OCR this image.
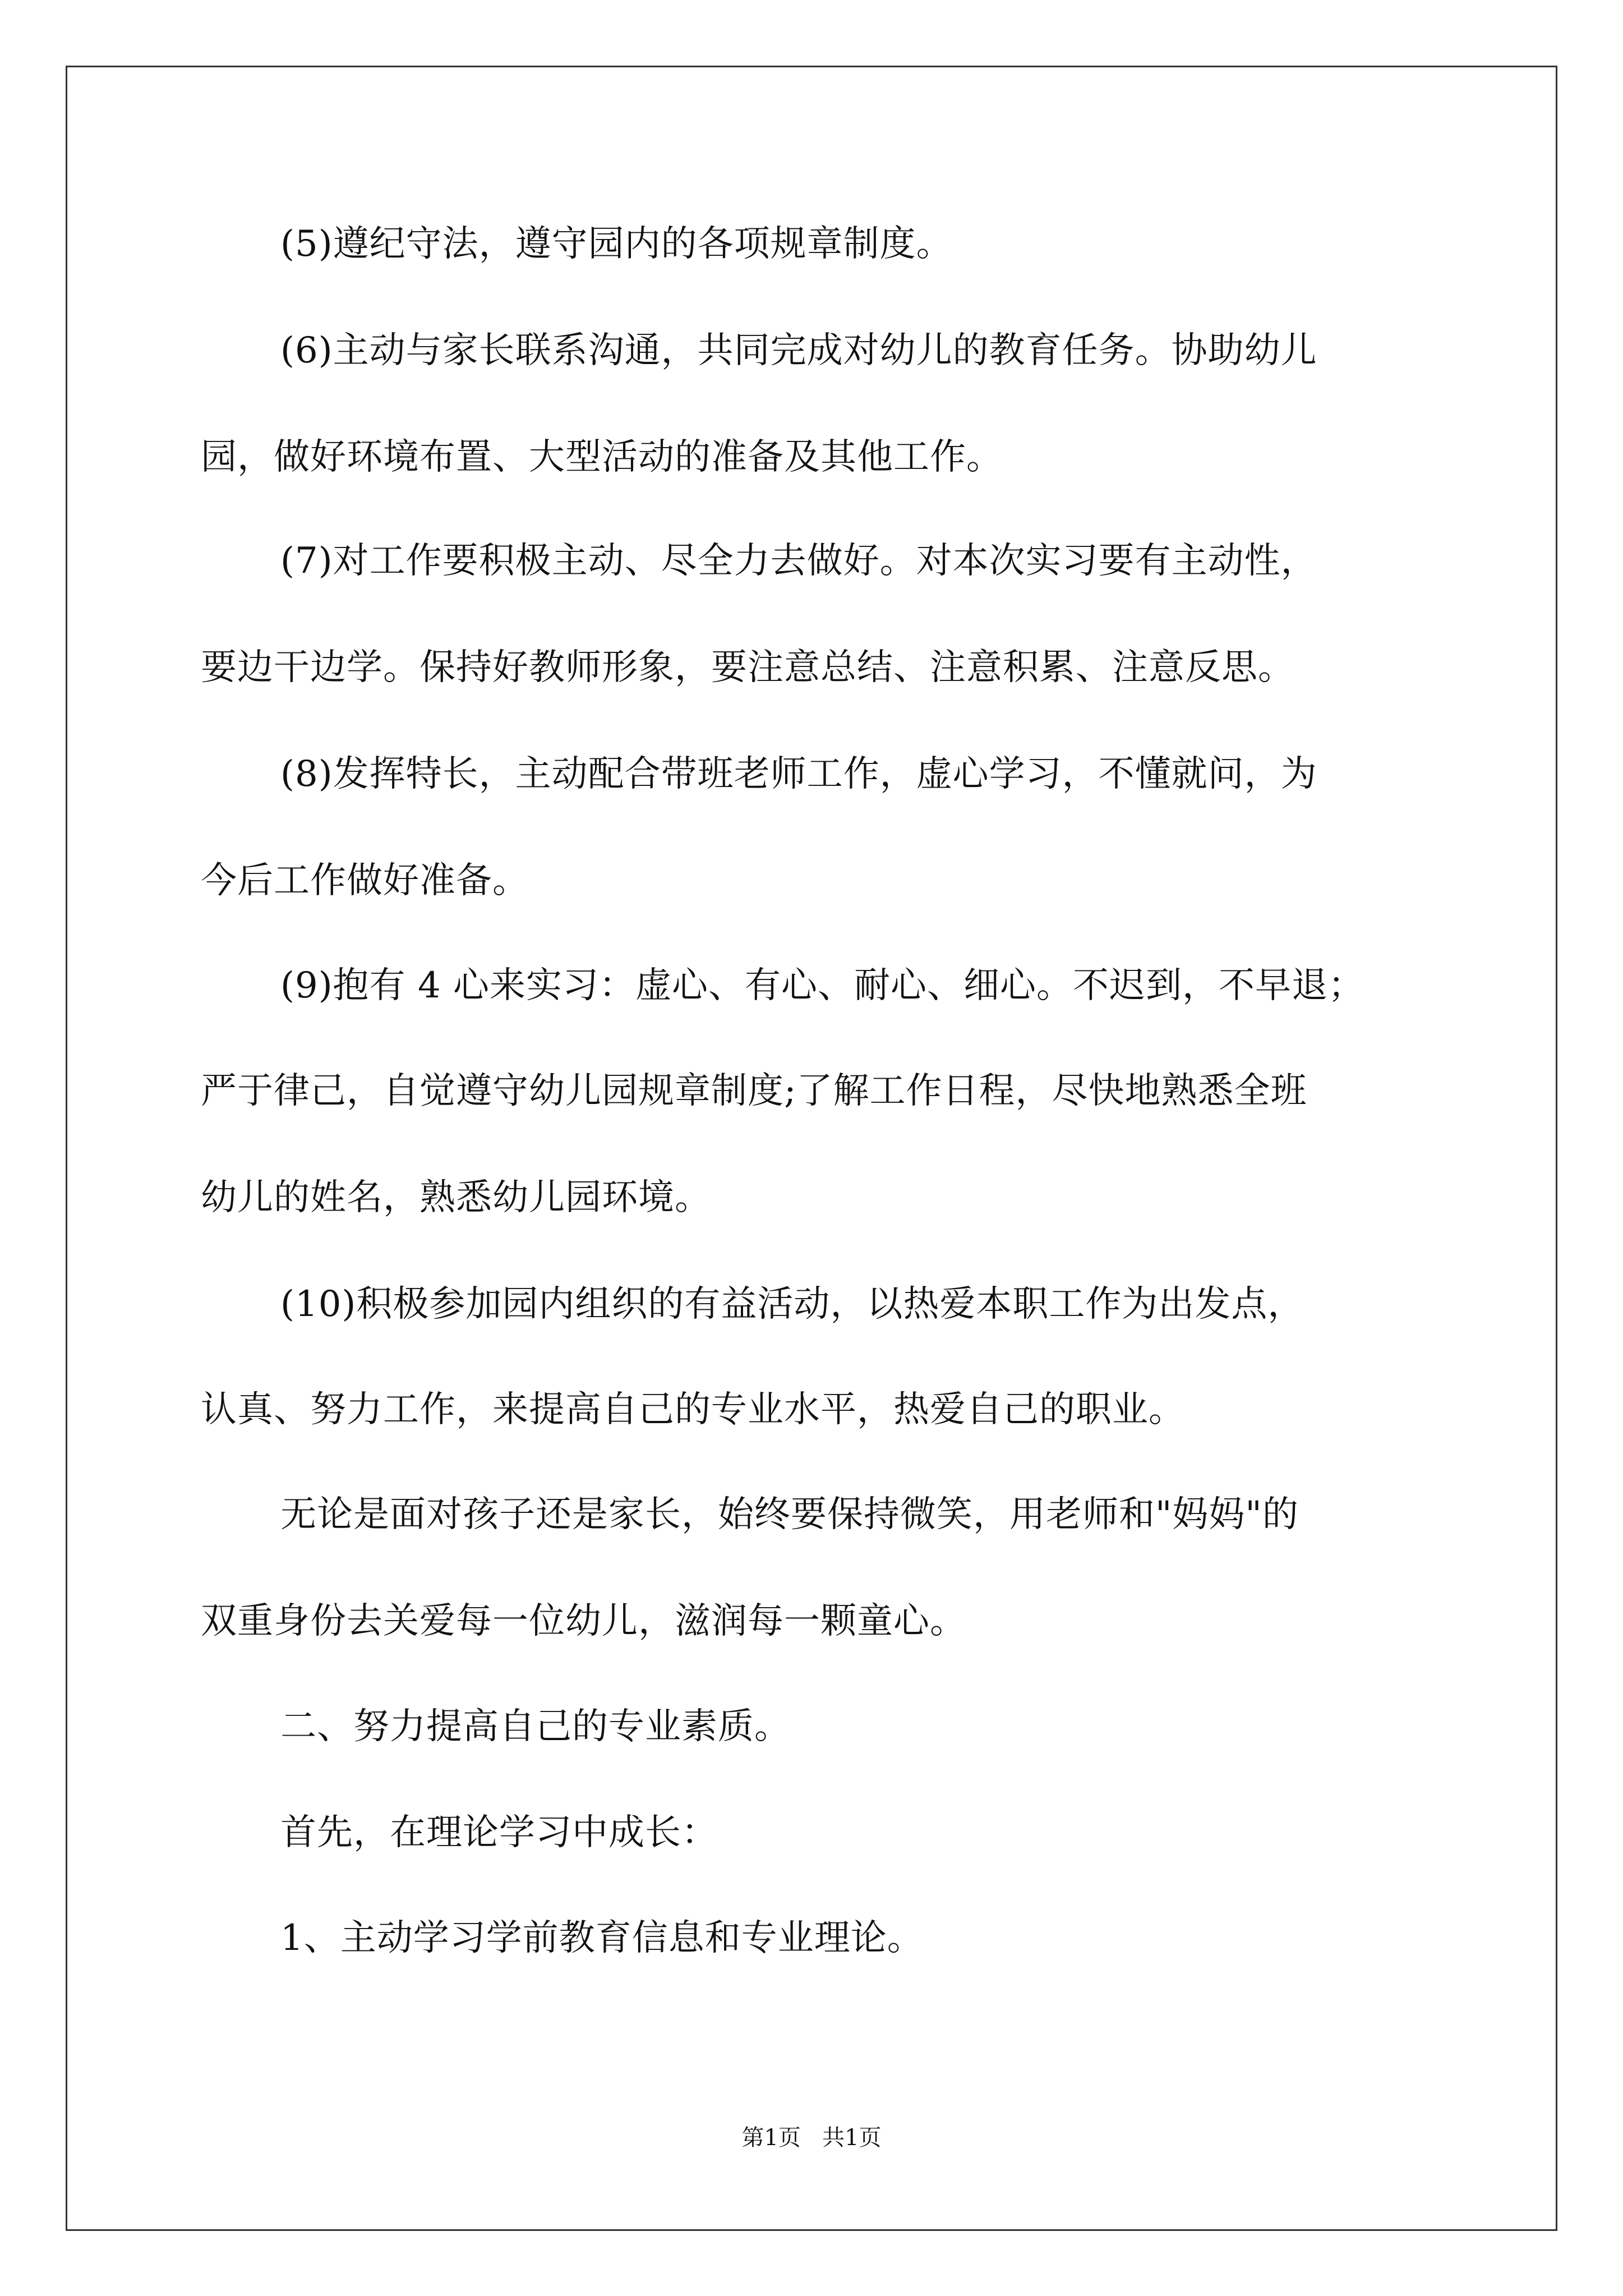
(5)遵纪守法，遵守园内的各项规章制度。
(6)主动与家长联系沟通，共同完成对幼儿的教育任务。协助幼儿
园，做好环境布置、大型活动的准备及其他工作。
(7)对工作要积极主动、尽全力去做好。对本次实习要有主动性，
要边干边学。保持好教师形象，要注意总结、注意积累、注意反思。
(8)发挥特长，主动配合带班老师工作，虚心学习，不懂就问，为
今后工作做好准备。
(9)抱有 4 心来实习：虚心、有心、耐心、细心。不迟到，不早退；
严于律己，自觉遵守幼儿园规章制度;了解工作日程，尽快地熟悉全班
幼儿的姓名，熟悉幼儿园环境。
(10)积极参加园内组织的有益活动，以热爱本职工作为出发点，
认真、努力工作，来提高自己的专业水平，热爱自己的职业。
无论是面对孩子还是家长，始终要保持微笑，用老师和"妈妈"的
双重身份去关爱每一位幼儿，滋润每一颗童心。
二、努力提高自己的专业素质。
首先，在理论学习中成长：
1、主动学习学前教育信息和专业理论。
第1页   共1页
